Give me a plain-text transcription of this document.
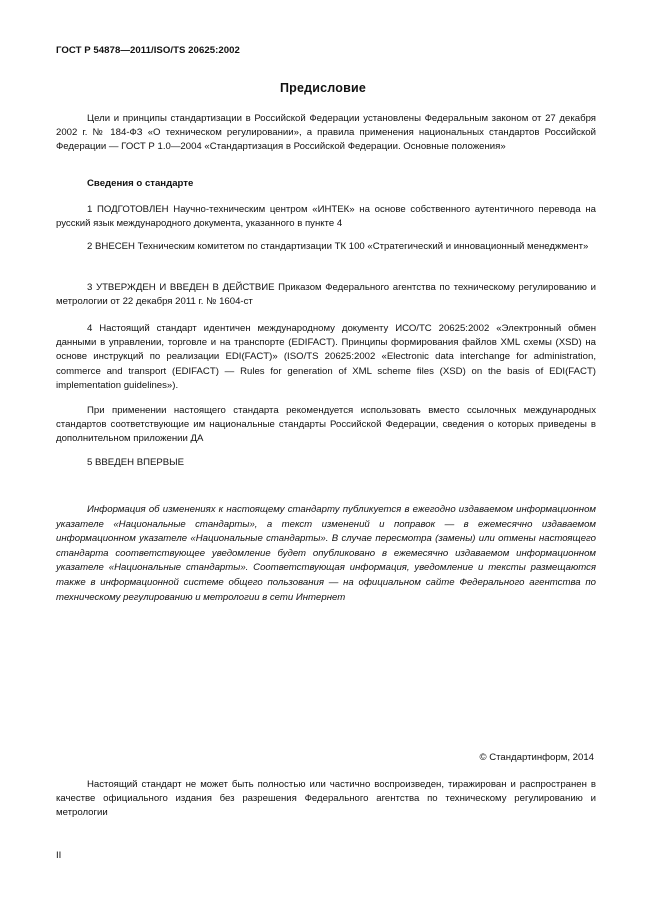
ГОСТ Р 54878—2011/ISO/TS 20625:2002
Предисловие

Цели и принципы стандартизации в Российской Федерации установлены Федеральным законом от 27 декабря 2002 г. № 184-ФЗ «О техническом регулировании», а правила применения национальных стандартов Российской Федерации — ГОСТ Р 1.0—2004 «Стандартизация в Российской Федерации. Основные положения»

Сведения о стандарте

1 ПОДГОТОВЛЕН Научно-техническим центром «ИНТЕК» на основе собственного аутентичного перевода на русский язык международного документа, указанного в пункте 4

2 ВНЕСЕН Техническим комитетом по стандартизации ТК 100 «Стратегический и инновационный менеджмент»

3 УТВЕРЖДЕН И ВВЕДЕН В ДЕЙСТВИЕ Приказом Федерального агентства по техническому регулированию и метрологии от 22 декабря 2011 г. № 1604-ст

4 Настоящий стандарт идентичен международному документу ИСО/ТС 20625:2002 «Электронный обмен данными в управлении, торговле и на транспорте (EDIFACT). Принципы формирования файлов XML схемы (XSD) на основе инструкций по реализации EDI(FACT)» (ISO/TS 20625:2002 «Electronic data interchange for administration, commerce and transport (EDIFACT) — Rules for generation of XML scheme files (XSD) on the basis of EDI(FACT) implementation guidelines»).

При применении настоящего стандарта рекомендуется использовать вместо ссылочных международных стандартов соответствующие им национальные стандарты Российской Федерации, сведения о которых приведены в дополнительном приложении ДА

5 ВВЕДЕН ВПЕРВЫЕ

Информация об изменениях к настоящему стандарту публикуется в ежегодно издаваемом информационном указателе «Национальные стандарты», а текст изменений и поправок — в ежемесячно издаваемом информационном указателе «Национальные стандарты». В случае пересмотра (замены) или отмены настоящего стандарта соответствующее уведомление будет опубликовано в ежемесячно издаваемом информационном указателе «Национальные стандарты». Соответствующая информация, уведомление и тексты размещаются также в информационной системе общего пользования — на официальном сайте Федерального агентства по техническому регулированию и метрологии в сети Интернет

© Стандартинформ, 2014

Настоящий стандарт не может быть полностью или частично воспроизведен, тиражирован и распространен в качестве официального издания без разрешения Федерального агентства по техническому регулированию и метрологии

II
